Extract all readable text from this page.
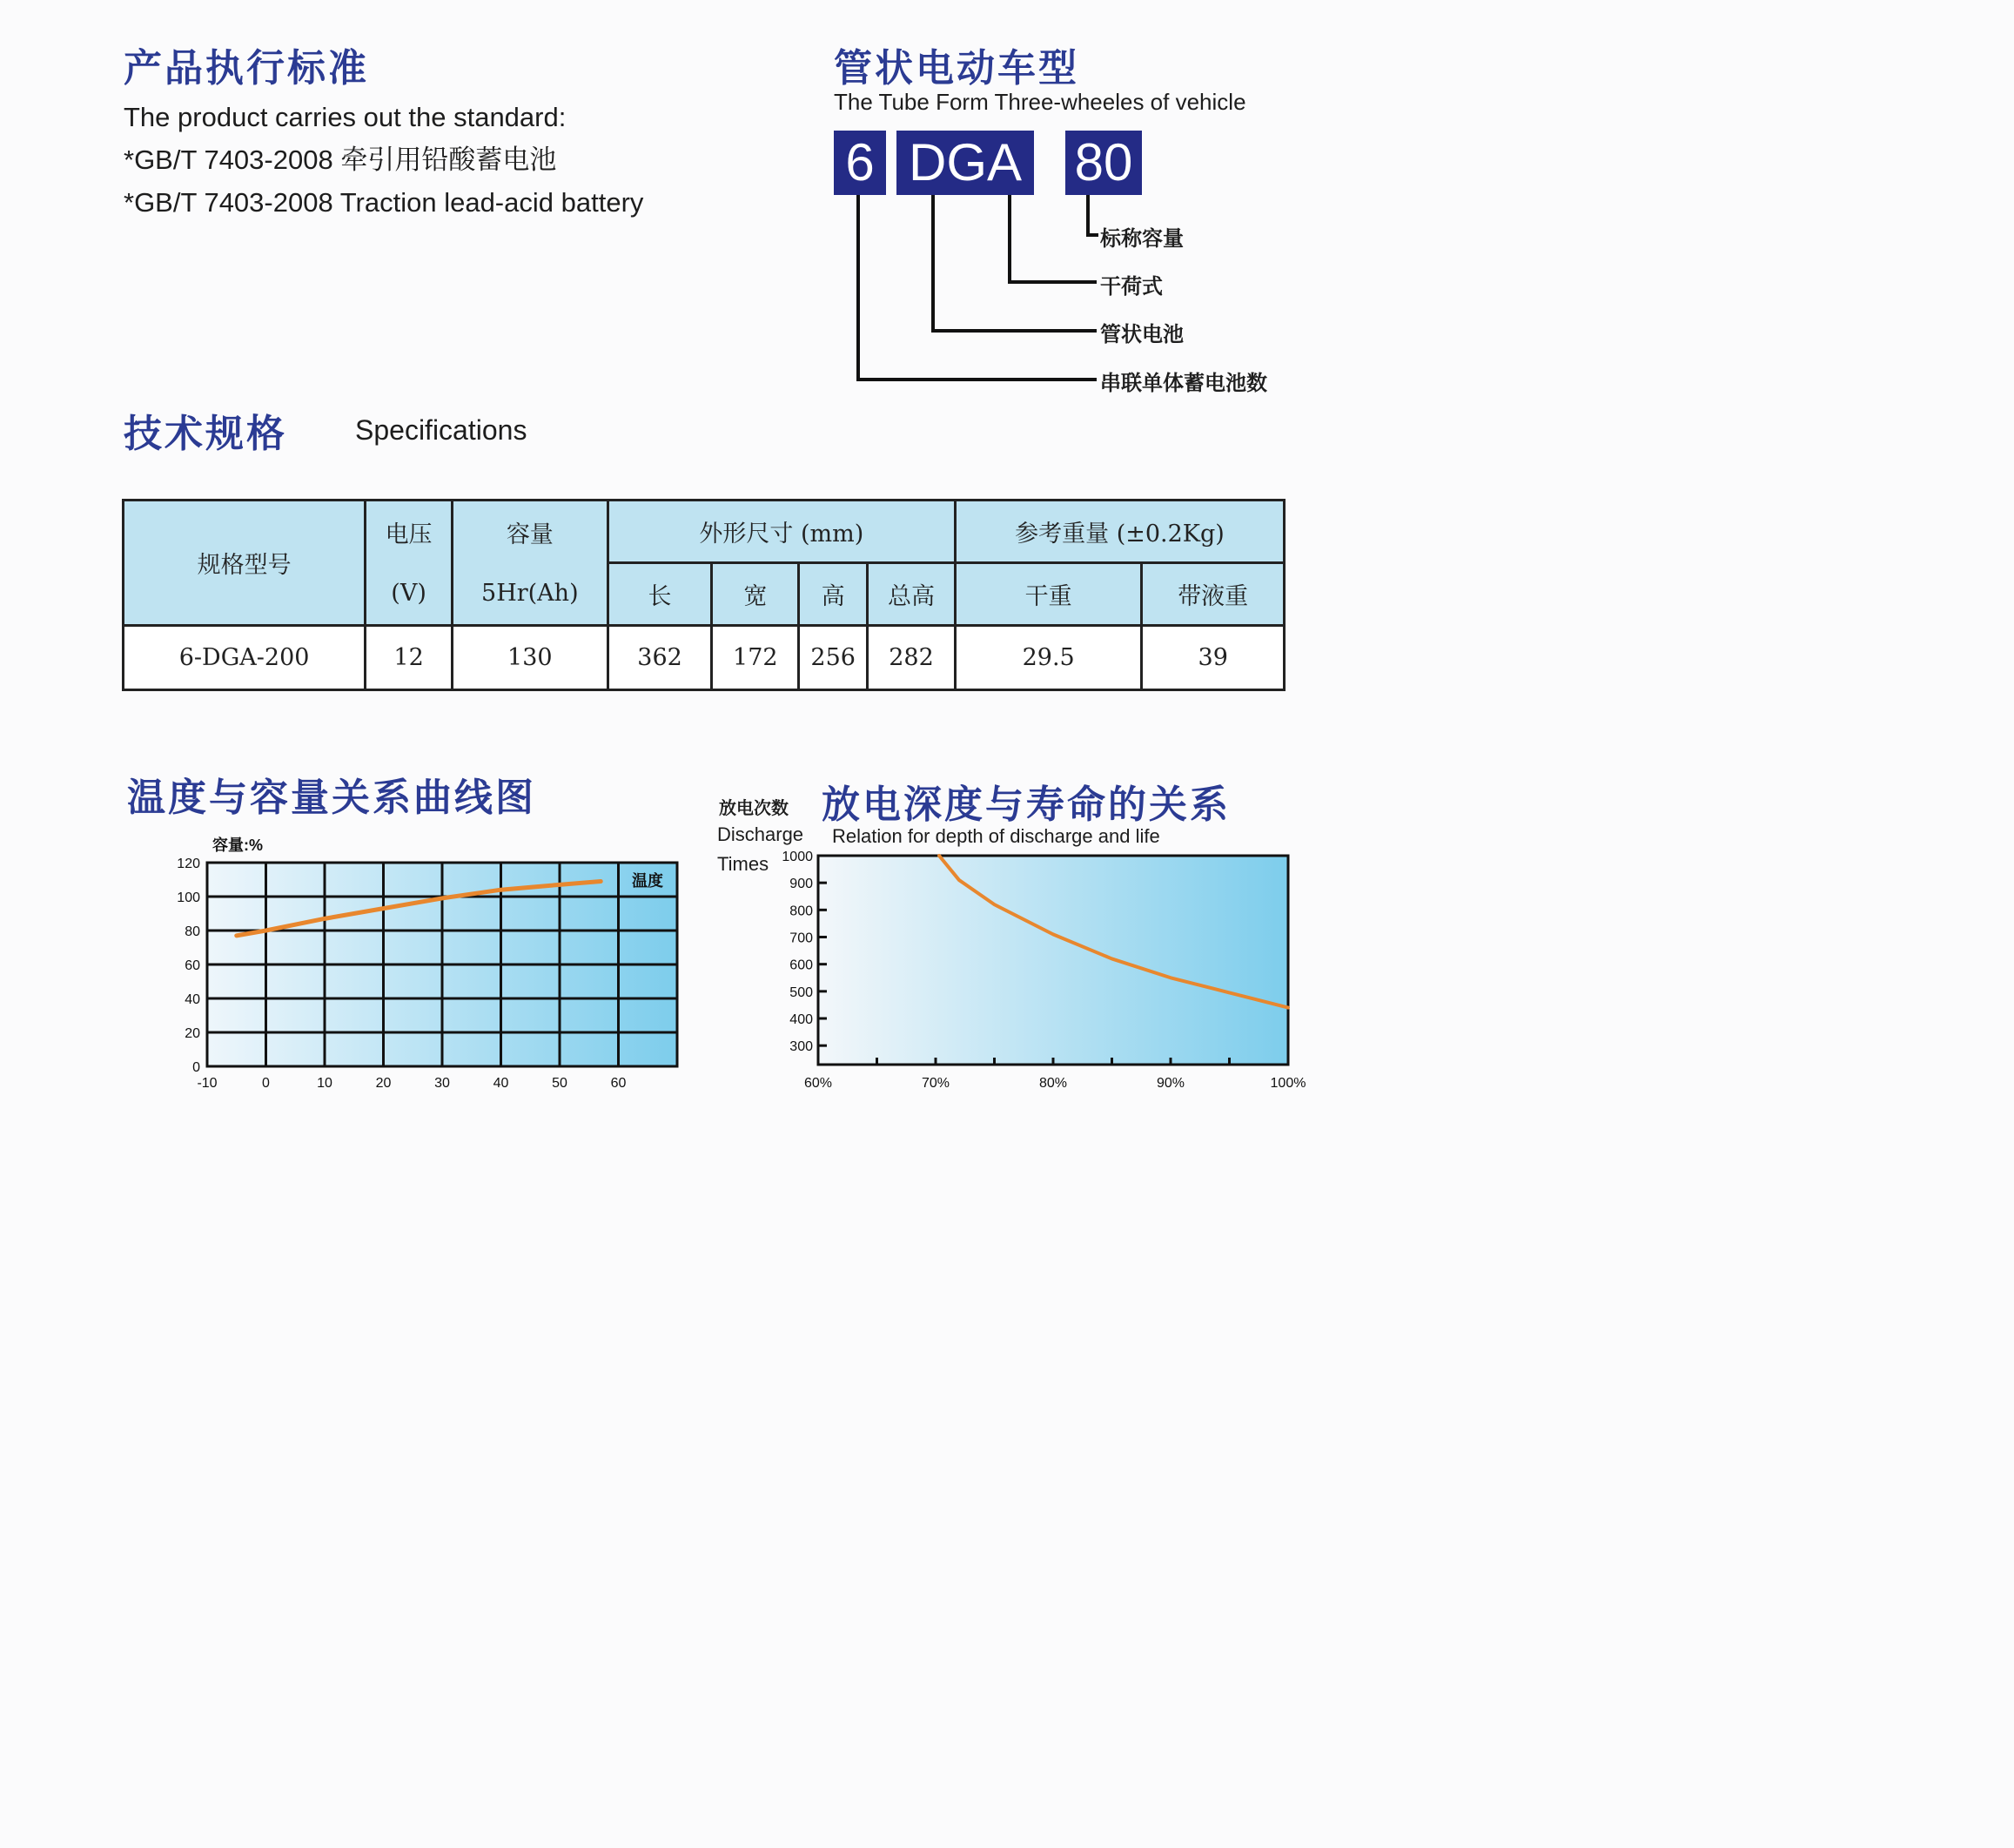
产品执行标准
The product carries out the standard:
*GB/T 7403-2008 牵引用铅酸蓄电池
*GB/T 7403-2008 Traction lead-acid battery
管状电动车型
The Tube Form Three-wheeles of vehicle
6 DGA 80
标称容量
干荷式
管状电池
串联单体蓄电池数
技术规格 Specifications
规格型号	电压	容量	外形尺寸 (mm)				参考重量 (±0.2Kg)	
	(V)	5Hr(Ah)	长	宽	高	总高	干重	带液重
6-DGA-200	12	130	362	172	256	282	29.5	39
温度与容量关系曲线图
容量:%
0
20
40
60
80
100
120
-10	0	10	20	30	40	50	60
温度
放电深度与寿命的关系
放电次数
Discharge
Times
Relation for depth of discharge and life
300
400
500
600
700
800
900
1000
60%	70%	80%	90%	100%
